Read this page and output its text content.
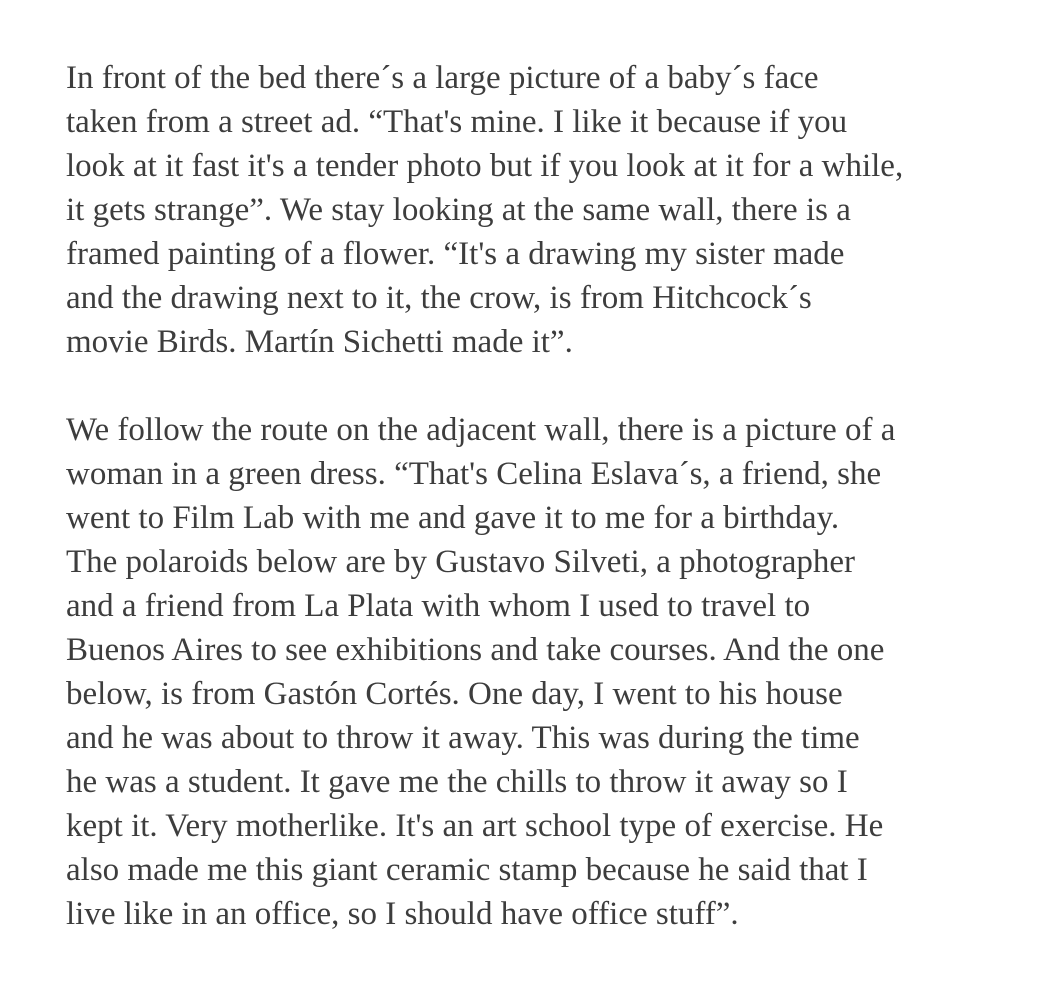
In front of the bed there´s a large picture of a baby´s face
taken from a street ad. “That's mine. I like it because if you
look at it fast it's a tender photo but if you look at it for a while,
it gets strange”. We stay looking at the same wall, there is a
framed painting of a flower. “It's a drawing my sister made
and the drawing next to it, the crow, is from Hitchcock´s
movie Birds. Martín Sichetti made it”.

We follow the route on the adjacent wall, there is a picture of a
woman in a green dress. “That's Celina Eslava´s, a friend, she
went to Film Lab with me and gave it to me for a birthday.
The polaroids below are by Gustavo Silveti, a photographer
and a friend from La Plata with whom I used to travel to
Buenos Aires to see exhibitions and take courses. And the one
below, is from Gastón Cortés. One day, I went to his house
and he was about to throw it away. This was during the time
he was a student. It gave me the chills to throw it away so I
kept it. Very motherlike. It's an art school type of exercise. He
also made me this giant ceramic stamp because he said that I
live like in an office, so I should have office stuff”.
